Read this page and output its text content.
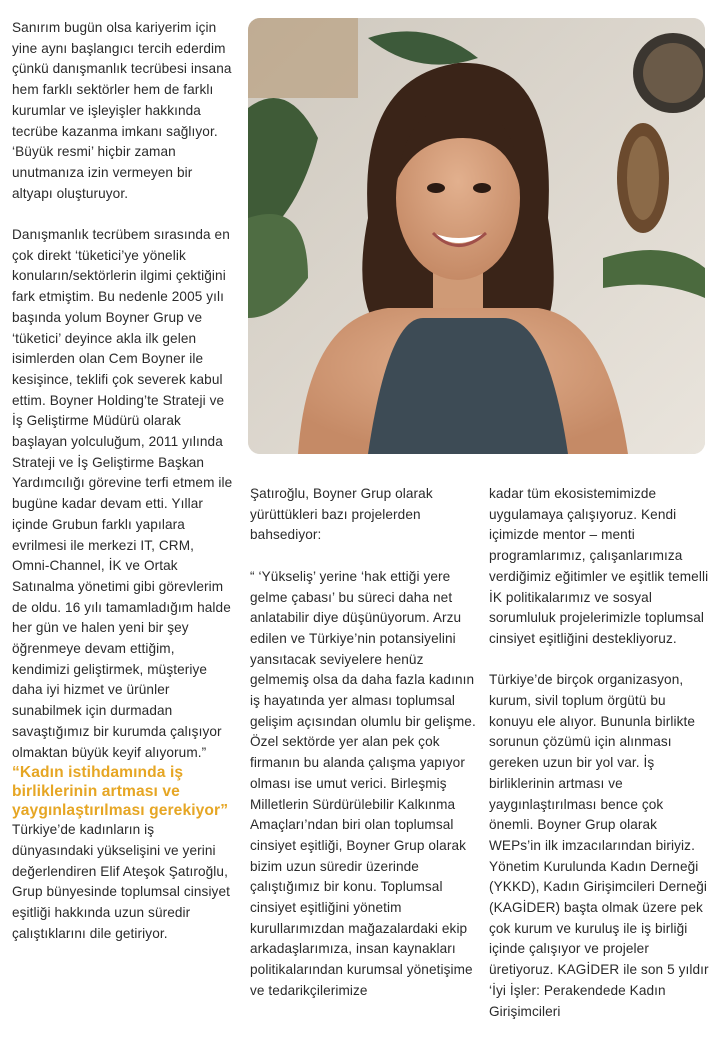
Sanırım bugün olsa kariyerim için yine aynı başlangıcı tercih ederdim çünkü danışmanlık tecrübesi insana hem farklı sektörler hem de farklı kurumlar ve işleyişler hakkında tecrübe kazanma imkanı sağlıyor. ‘Büyük resmi’ hiçbir zaman unutmanıza izin vermeyen bir altyapı oluşturuyor.

Danışmanlık tecrübem sırasında en çok direkt ‘tüketici’ye yönelik konuların/sektörlerin ilgimi çektiğini fark etmiştim. Bu nedenle 2005 yılı başında yolum Boyner Grup ve ‘tüketici’ deyince akla ilk gelen isimlerden olan Cem Boyner ile kesişince, teklifi çok severek kabul ettim. Boyner Holding’te Strateji ve İş Geliştirme Müdürü olarak başlayan yolculuğum, 2011 yılında Strateji ve İş Geliştirme Başkan Yardımcılığı görevine terfi etmem ile bugüne kadar devam etti. Yıllar içinde Grubun farklı yapılara evrilmesi ile merkezi IT, CRM, Omni-Channel, İK ve Ortak Satınalma yönetimi gibi görevlerim de oldu. 16 yılı tamamladığım halde her gün ve halen yeni bir şey öğrenmeye devam ettiğim, kendimizi geliştirmek, müşteriye daha iyi hizmet ve ürünler sunabilmek için durmadan savaştığımız bir kurumda çalışıyor olmaktan büyük keyif alıyorum.”

“Kadın istihdamında iş birliklerinin artması ve yaygınlaştırılması gerekiyor”

Türkiye’de kadınların iş dünyasındaki yükselişini ve yerini değerlendiren Elif Ateşok Şatıroğlu, Grup bünyesinde toplumsal cinsiyet eşitliği hakkında uzun süredir çalıştıklarını dile getiriyor.

Şatıroğlu, Boyner Grup olarak yürüttükleri bazı projelerden bahsediyor:

“ ‘Yükseliş’ yerine ‘hak ettiği yere gelme çabası’ bu süreci daha net anlatabilir diye düşünüyorum. Arzu edilen ve Türkiye’nin potansiyelini yansıtacak seviyelere henüz gelmemiş olsa da daha fazla kadının iş hayatında yer alması toplumsal gelişim açısından olumlu bir gelişme. Özel sektörde yer alan pek çok firmanın bu alanda çalışma yapıyor olması ise umut verici. Birleşmiş Milletlerin Sürdürülebilir Kalkınma Amaçları’ndan biri olan toplumsal cinsiyet eşitliği, Boyner Grup olarak bizim uzun süredir üzerinde çalıştığımız bir konu. Toplumsal cinsiyet eşitliğini yönetim kurullarımızdan mağazalardaki ekip arkadaşlarımıza, insan kaynakları politikalarından kurumsal yönetişime ve tedarikçilerimize

kadar tüm ekosistemimizde uygulamaya çalışıyoruz. Kendi içimizde mentor – menti programlarımız, çalışanlarımıza verdiğimiz eğitimler ve eşitlik temelli İK politikalarımız ve sosyal sorumluluk projelerimizle toplumsal cinsiyet eşitliğini destekliyoruz.

Türkiye’de birçok organizasyon, kurum, sivil toplum örgütü bu konuyu ele alıyor. Bununla birlikte sorunun çözümü için alınması gereken uzun bir yol var. İş birliklerinin artması ve yaygınlaştırılması bence çok önemli. Boyner Grup olarak WEPs’in ilk imzacılarından biriyiz. Yönetim Kurulunda Kadın Derneği (YKKD), Kadın Girişimcileri Derneği (KAGİDER) başta olmak üzere pek çok kurum ve kuruluş ile iş birliği içinde çalışıyor ve projeler üretiyoruz. KAGİDER ile son 5 yıldır ‘İyi İşler: Perakendede Kadın Girişimcileri
